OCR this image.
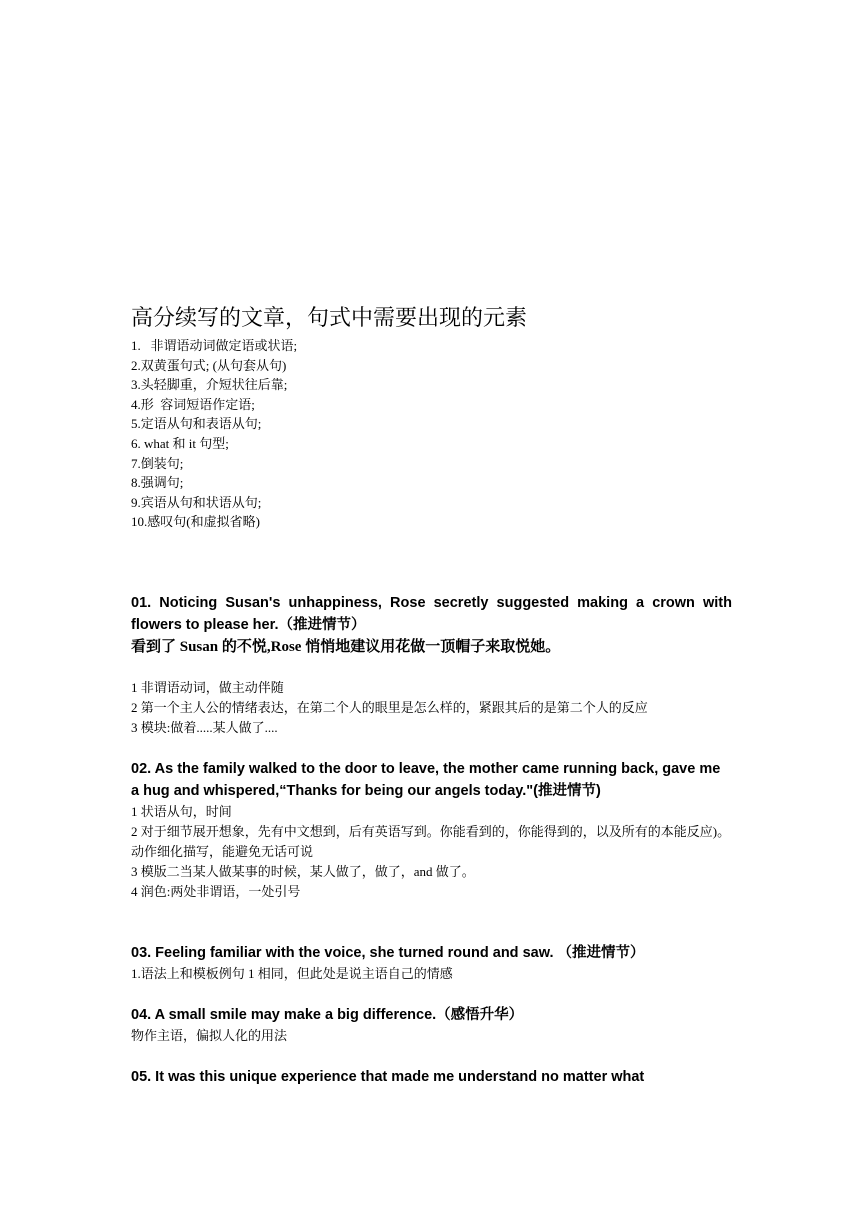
高分续写的文章，句式中需要出现的元素
1.   非谓语动词做定语或状语;
2.双黄蛋句式; (从句套从句)
3.头轻脚重，介短状往后靠;
4.形  容词短语作定语;
5.定语从句和表语从句;
6. what 和 it 句型;
7.倒装句;
8.强调句;
9.宾语从句和状语从句;
10.感叹句(和虚拟省略)

01. Noticing Susan's unhappiness, Rose secretly suggested making a crown with flowers to please her.（推进情节）

看到了 Susan 的不悦,Rose 悄悄地建议用花做一顶帽子来取悦她。

1 非谓语动词，做主动伴随

2 第一个主人公的情绪表达，在第二个人的眼里是怎么样的，紧跟其后的是第二个人的反应

3 模块:做着.....某人做了....

02. As the family walked to the door to leave, the mother came running back, gave me a hug and whispered,“Thanks for being our angels today."(推进情节)

1 状语从句，时间

2 对于细节展开想象，先有中文想到，后有英语写到。你能看到的，你能得到的，以及所有的本能反应)。

动作细化描写，能避免无话可说

3 模版二当某人做某事的时候，某人做了，做了，and 做了。

4 润色:两处非谓语，一处引号

03. Feeling familiar with the voice, she turned round and saw. （推进情节）

1.语法上和模板例句 1 相同，但此处是说主语自己的情感

04. A small smile may make a big difference.（感悟升华）

物作主语，偏拟人化的用法

05. It was this unique experience that made me understand no matter what
